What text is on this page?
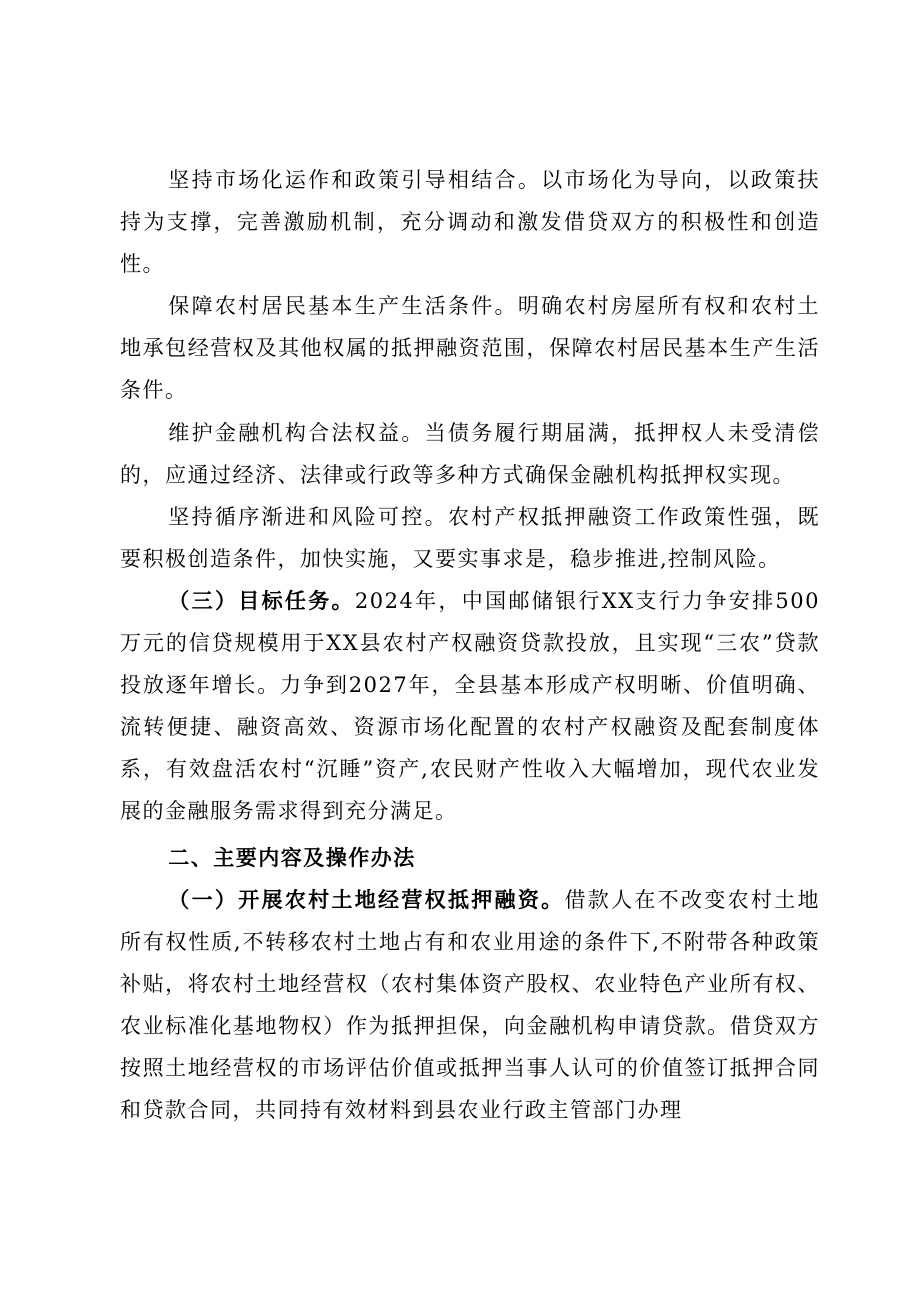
坚持市场化运作和政策引导相结合。以市场化为导向，以政策扶持为支撑，完善激励机制，充分调动和激发借贷双方的积极性和创造性。

保障农村居民基本生产生活条件。明确农村房屋所有权和农村土地承包经营权及其他权属的抵押融资范围，保障农村居民基本生产生活条件。

维护金融机构合法权益。当债务履行期届满，抵押权人未受清偿的，应通过经济、法律或行政等多种方式确保金融机构抵押权实现。

坚持循序渐进和风险可控。农村产权抵押融资工作政策性强，既要积极创造条件，加快实施，又要实事求是，稳步推进,控制风险。

（三）目标任务。2024年，中国邮储银行XX支行力争安排500万元的信贷规模用于XX县农村产权融资贷款投放，且实现“三农”贷款投放逐年增长。力争到2027年，全县基本形成产权明晰、价值明确、流转便捷、融资高效、资源市场化配置的农村产权融资及配套制度体系，有效盘活农村“沉睡”资产,农民财产性收入大幅增加，现代农业发展的金融服务需求得到充分满足。

二、主要内容及操作办法

（一）开展农村土地经营权抵押融资。借款人在不改变农村土地所有权性质,不转移农村土地占有和农业用途的条件下,不附带各种政策补贴，将农村土地经营权（农村集体资产股权、农业特色产业所有权、农业标准化基地物权）作为抵押担保，向金融机构申请贷款。借贷双方按照土地经营权的市场评估价值或抵押当事人认可的价值签订抵押合同和贷款合同，共同持有效材料到县农业行政主管部门办理
